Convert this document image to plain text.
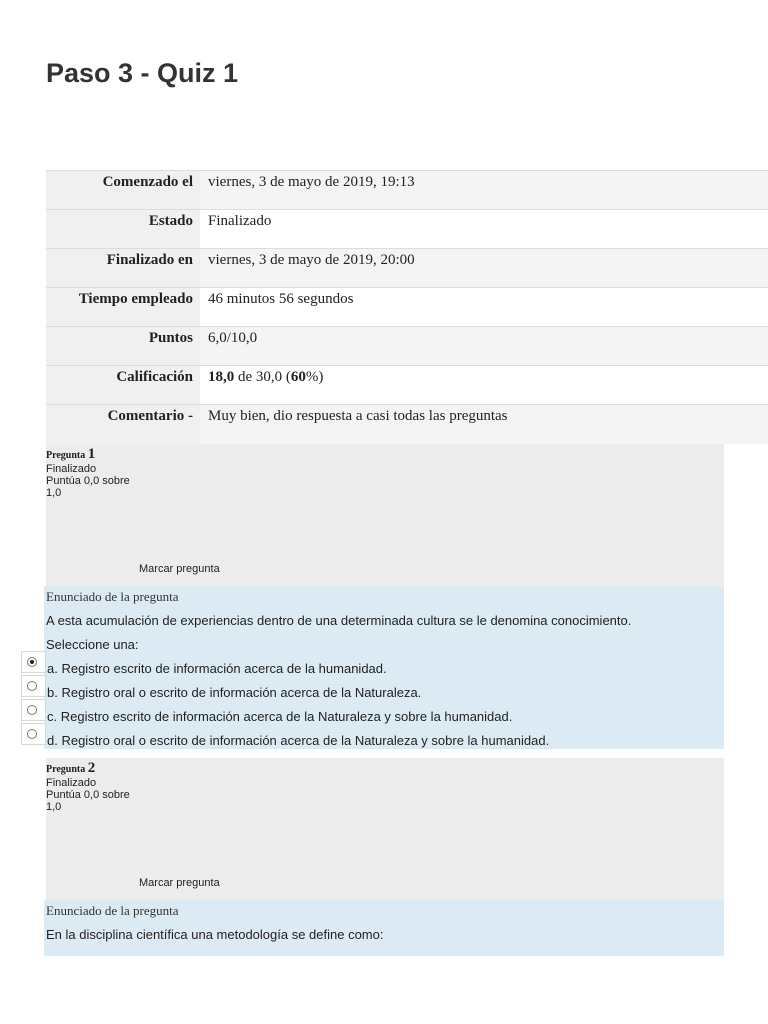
Paso 3 - Quiz 1
Comenzado el	viernes, 3 de mayo de 2019, 19:13
Estado	Finalizado
Finalizado en	viernes, 3 de mayo de 2019, 20:00
Tiempo empleado	46 minutos 56 segundos
Puntos	6,0/10,0
Calificación	18,0 de 30,0 (60%)
Comentario -	Muy bien, dio respuesta a casi todas las preguntas
Pregunta 1
Finalizado
Puntúa 0,0 sobre 1,0
Marcar pregunta
Enunciado de la pregunta
A esta acumulación de experiencias dentro de una determinada cultura se le denomina conocimiento.
Seleccione una:
a. Registro escrito de información acerca de la humanidad.
b. Registro oral o escrito de información acerca de la Naturaleza.
c. Registro escrito de información acerca de la Naturaleza y sobre la humanidad.
d. Registro oral o escrito de información acerca de la Naturaleza y sobre la humanidad.
Pregunta 2
Finalizado
Puntúa 0,0 sobre 1,0
Marcar pregunta
Enunciado de la pregunta
En la disciplina científica una metodología se define como:
